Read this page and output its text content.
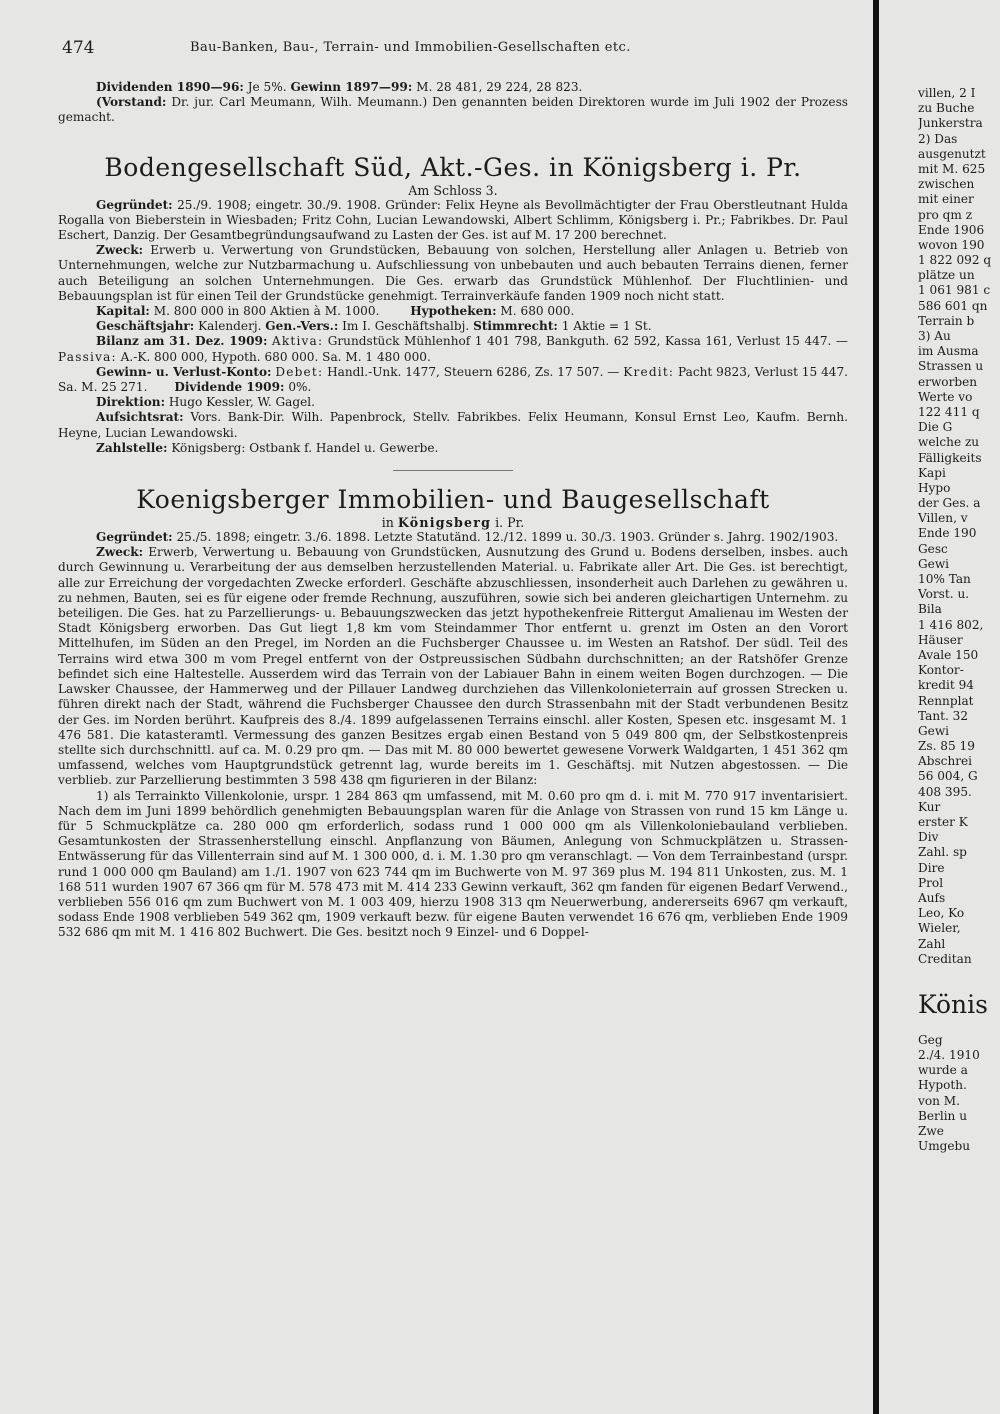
474	Bau-Banken, Bau-, Terrain- und Immobilien-Gesellschaften etc.

Dividenden 1890—96: Je 5%. Gewinn 1897—99: M. 28 481, 29 224, 28 823.

(Vorstand: Dr. jur. Carl Meumann, Wilh. Meumann.) Den genannten beiden Direktoren wurde im Juli 1902 der Prozess gemacht.

Bodengesellschaft Süd, Akt.-Ges. in Königsberg i. Pr.
Am Schloss 3.

Gegründet: 25./9. 1908; eingetr. 30./9. 1908. Gründer: Felix Heyne als Bevollmächtigter der Frau Oberstleutnant Hulda Rogalla von Bieberstein in Wiesbaden; Fritz Cohn, Lucian Lewandowski, Albert Schlimm, Königsberg i. Pr.; Fabrikbes. Dr. Paul Eschert, Danzig. Der Gesamtbegründungsaufwand zu Lasten der Ges. ist auf M. 17 200 berechnet.

Zweck: Erwerb u. Verwertung von Grundstücken, Bebauung von solchen, Herstellung aller Anlagen u. Betrieb von Unternehmungen, welche zur Nutzbarmachung u. Aufschliessung von unbebauten und auch bebauten Terrains dienen, ferner auch Beteiligung an solchen Unternehmungen. Die Ges. erwarb das Grundstück Mühlenhof. Der Fluchtlinien- und Bebauungsplan ist für einen Teil der Grundstücke genehmigt. Terrainverkäufe fanden 1909 noch nicht statt.

Kapital: M. 800 000 in 800 Aktien à M. 1000.	Hypotheken: M. 680 000.

Geschäftsjahr: Kalenderj. Gen.-Vers.: Im I. Geschäftshalbj. Stimmrecht: 1 Aktie = 1 St.

Bilanz am 31. Dez. 1909: Aktiva: Grundstück Mühlenhof 1 401 798, Bankguth. 62 592, Kassa 161, Verlust 15 447. — Passiva: A.-K. 800 000, Hypoth. 680 000. Sa. M. 1 480 000.

Gewinn- u. Verlust-Konto: Debet: Handl.-Unk. 1477, Steuern 6286, Zs. 17 507. — Kredit: Pacht 9823, Verlust 15 447. Sa. M. 25 271.       Dividende 1909: 0%.

Direktion: Hugo Kessler, W. Gagel.

Aufsichtsrat: Vors. Bank-Dir. Wilh. Papenbrock, Stellv. Fabrikbes. Felix Heumann, Konsul Ernst Leo, Kaufm. Bernh. Heyne, Lucian Lewandowski.

Zahlstelle: Königsberg: Ostbank f. Handel u. Gewerbe.

Koenigsberger Immobilien- und Baugesellschaft
in Königsberg i. Pr.

Gegründet: 25./5. 1898; eingetr. 3./6. 1898. Letzte Statutänd. 12./12. 1899 u. 30./3. 1903. Gründer s. Jahrg. 1902/1903.

Zweck: Erwerb, Verwertung u. Bebauung von Grundstücken, Ausnutzung des Grund u. Bodens derselben, insbes. auch durch Gewinnung u. Verarbeitung der aus demselben herzustellenden Material. u. Fabrikate aller Art. Die Ges. ist berechtigt, alle zur Erreichung der vorgedachten Zwecke erforderl. Geschäfte abzuschliessen, insonderheit auch Darlehen zu gewähren u. zu nehmen, Bauten, sei es für eigene oder fremde Rechnung, auszuführen, sowie sich bei anderen gleichartigen Unternehm. zu beteiligen. Die Ges. hat zu Parzellierungs- u. Bebauungszwecken das jetzt hypothekenfreie Rittergut Amalienau im Westen der Stadt Königsberg erworben. Das Gut liegt 1,8 km vom Steindammer Thor entfernt u. grenzt im Osten an den Vorort Mittelhufen, im Süden an den Pregel, im Norden an die Fuchsberger Chaussee u. im Westen an Ratshof. Der südl. Teil des Terrains wird etwa 300 m vom Pregel entfernt von der Ostpreussischen Südbahn durchschnitten; an der Ratshöfer Grenze befindet sich eine Haltestelle. Ausserdem wird das Terrain von der Labiauer Bahn in einem weiten Bogen durchzogen. — Die Lawsker Chaussee, der Hammerweg und der Pillauer Landweg durchziehen das Villenkolonieterrain auf grossen Strecken u. führen direkt nach der Stadt, während die Fuchsberger Chaussee den durch Strassenbahn mit der Stadt verbundenen Besitz der Ges. im Norden berührt. Kaufpreis des 8./4. 1899 aufgelassenen Terrains einschl. aller Kosten, Spesen etc. insgesamt M. 1 476 581. Die katasteramtl. Vermessung des ganzen Besitzes ergab einen Bestand von 5 049 800 qm, der Selbstkostenpreis stellte sich durchschnittl. auf ca. M. 0.29 pro qm. — Das mit M. 80 000 bewertet gewesene Vorwerk Waldgarten, 1 451 362 qm umfassend, welches vom Hauptgrundstück getrennt lag, wurde bereits im 1. Geschäftsj. mit Nutzen abgestossen. — Die verblieb. zur Parzellierung bestimmten 3 598 438 qm figurieren in der Bilanz:

1) als Terrainkto Villenkolonie, urspr. 1 284 863 qm umfassend, mit M. 0.60 pro qm d. i. mit M. 770 917 inventarisiert. Nach dem im Juni 1899 behördlich genehmigten Bebauungsplan waren für die Anlage von Strassen von rund 15 km Länge u. für 5 Schmuckplätze ca. 280 000 qm erforderlich, sodass rund 1 000 000 qm als Villenkoloniebauland verblieben. Gesamtunkosten der Strassenherstellung einschl. Anpflanzung von Bäumen, Anlegung von Schmuckplätzen u. Strassen-Entwässerung für das Villenterrain sind auf M. 1 300 000, d. i. M. 1.30 pro qm veranschlagt. — Von dem Terrainbestand (urspr. rund 1 000 000 qm Bauland) am 1./1. 1907 von 623 744 qm im Buchwerte von M. 97 369 plus M. 194 811 Unkosten, zus. M. 1 168 511 wurden 1907 67 366 qm für M. 578 473 mit M. 414 233 Gewinn verkauft, 362 qm fanden für eigenen Bedarf Verwend., verblieben 556 016 qm zum Buchwert von M. 1 003 409, hierzu 1908 313 qm Neuerwerbung, andererseits 6967 qm verkauft, sodass Ende 1908 verblieben 549 362 qm, 1909 verkauft bezw. für eigene Bauten verwendet 16 676 qm, verblieben Ende 1909 532 686 qm mit M. 1 416 802 Buchwert. Die Ges. besitzt noch 9 Einzel- und 6 Doppel-

villen, 2 I
zu Buche
Junkerstra
2) Das
ausgenutzt
mit M. 625
zwischen
mit einer
pro qm z
Ende 1906
wovon 190
1 822 092 q
plätze un
1 061 981 c
586 601 qn
Terrain b
3) Au
im Ausma
Strassen u
erworben
Werte vo
122 411 q
Die G
welche zu
Fälligkeits
Kapi
Hypo
der Ges. a
Villen, v
Ende 190
Gesc
Gewi
10% Tan
Vorst. u.
Bila
1 416 802,
Häuser
Avale 150
Kontor-
kredit 94
Rennplat
Tant. 32
Gewi
Zs. 85 19
Abschrei
56 004, G
408 395.
Kur
erster K
Div
Zahl. sp
Dire
Prol
Aufs
Leo, Ko
Wieler,
Zahl
Creditan
Könis
Geg
2./4. 1910
wurde a
Hypoth.
von M.
Berlin u
Zwe
Umgebu
